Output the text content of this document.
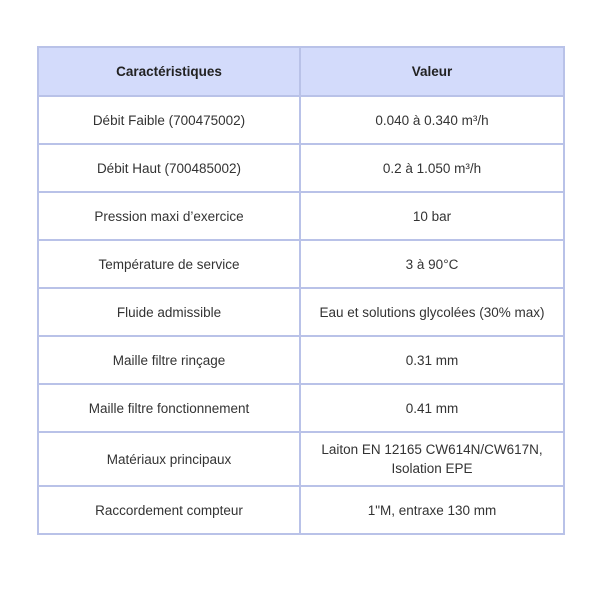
Caractéristiques	Valeur
Débit Faible (700475002)	0.040 à 0.340 m³/h
Débit Haut (700485002)	0.2 à 1.050 m³/h
Pression maxi d’exercice	10 bar
Température de service	3 à 90°C
Fluide admissible	Eau et solutions glycolées (30% max)
Maille filtre rinçage	0.31 mm
Maille filtre fonctionnement	0.41 mm
Matériaux principaux	Laiton EN 12165 CW614N/CW617N, Isolation EPE
Raccordement compteur	1"M, entraxe 130 mm
